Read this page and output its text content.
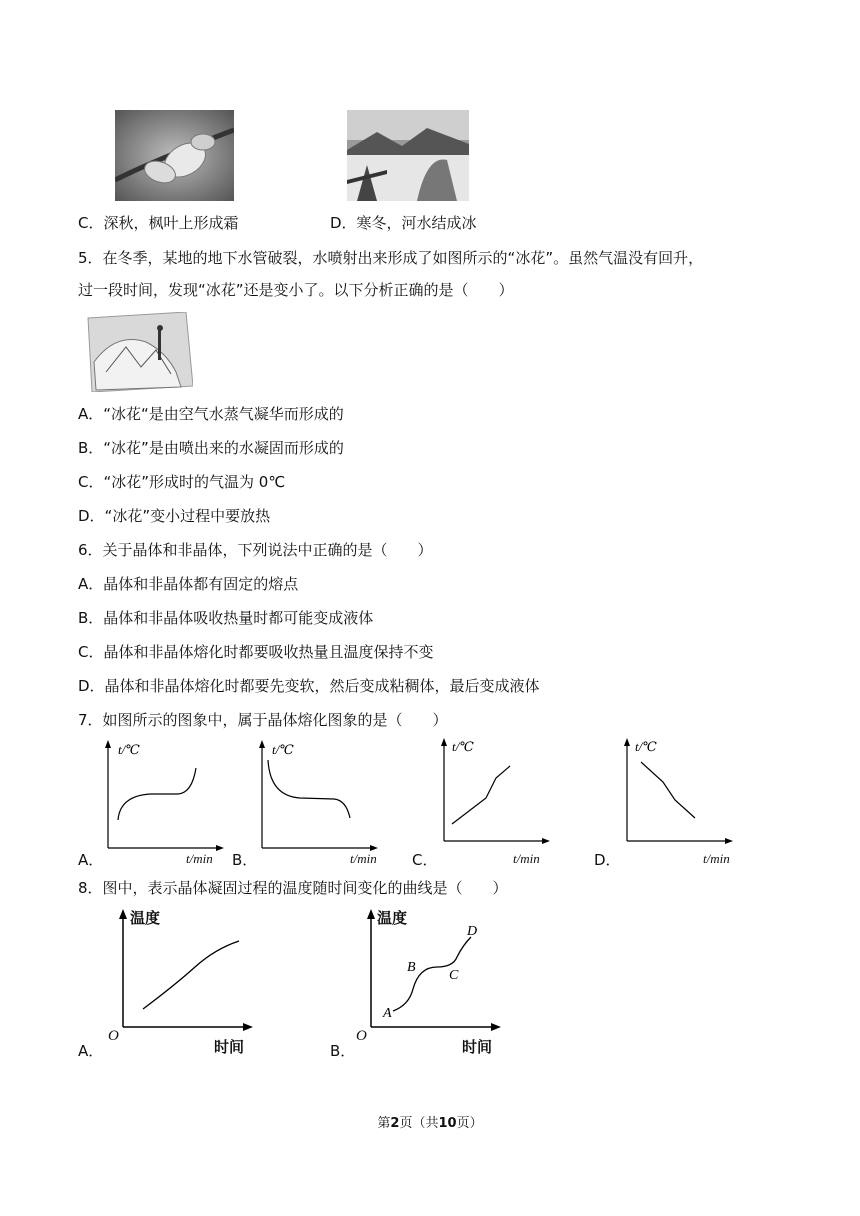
C．深秋，枫叶上形成霜	D．寒冬，河水结成冰
5．在冬季，某地的地下水管破裂，水喷射出来形成了如图所示的“冰花”。虽然气温没有回升，
过一段时间，发现“冰花”还是变小了。以下分析正确的是（　　）
A．“冰花“是由空气水蒸气凝华而形成的
B．“冰花”是由喷出来的水凝固而形成的
C．“冰花”形成时的气温为 0℃
D．“冰花”变小过程中要放热
6．关于晶体和非晶体，下列说法中正确的是（　　）
A．晶体和非晶体都有固定的熔点
B．晶体和非晶体吸收热量时都可能变成液体
C．晶体和非晶体熔化时都要吸收热量且温度保持不变
D．晶体和非晶体熔化时都要先变软，然后变成粘稠体，最后变成液体
7．如图所示的图象中，属于晶体熔化图象的是（　　）
t/℃
t/min
A．
t/℃
t/min
B．
t/℃
t/min
C．
t/℃
t/min
D．
8．图中，表示晶体凝固过程的温度随时间变化的曲线是（　　）
温度
O
时间
A．
A
B
C
D
温度
O
时间
B．
第2页（共10页）
